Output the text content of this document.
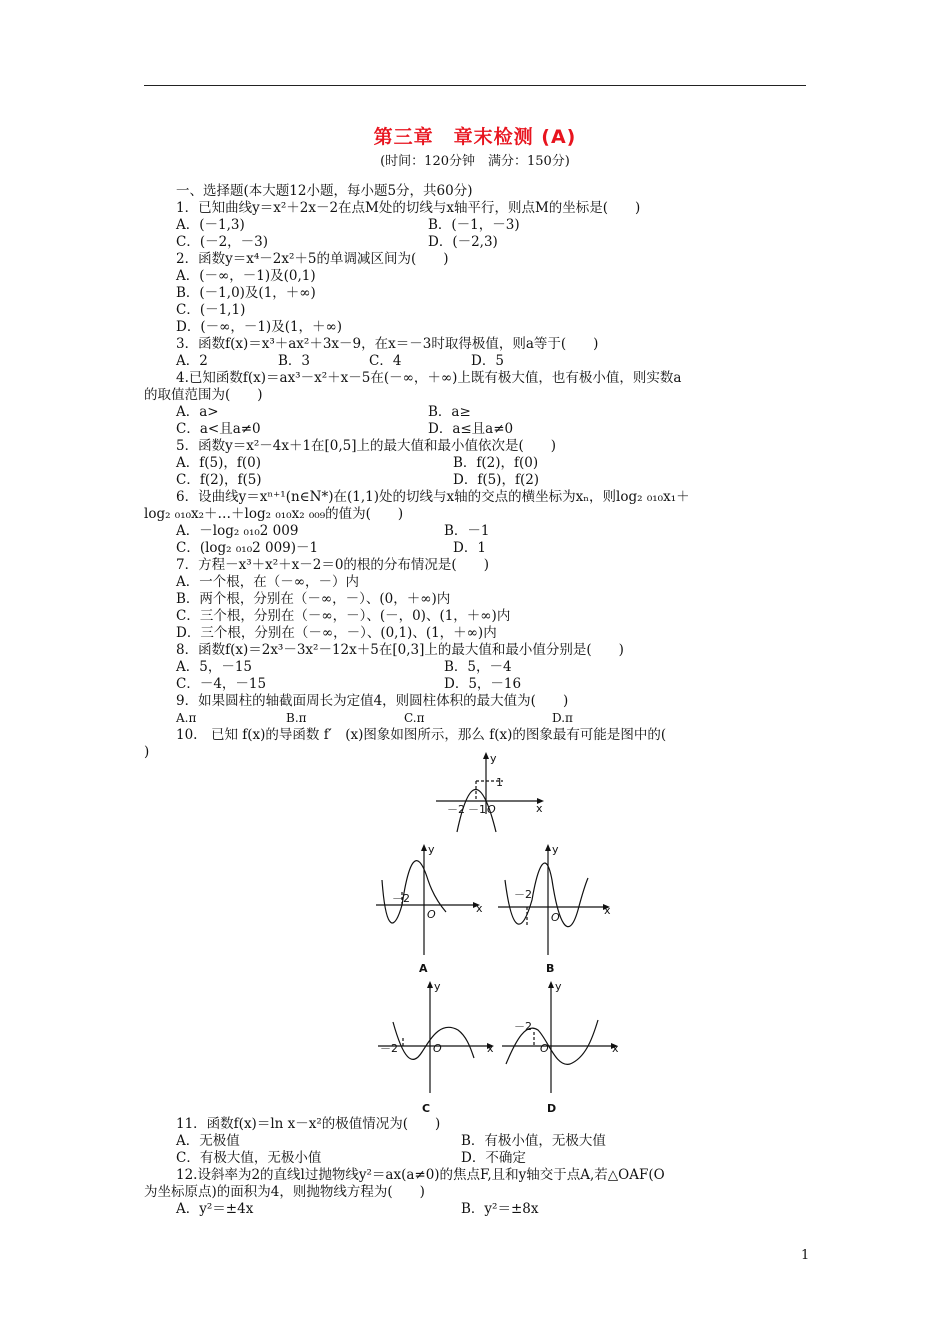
第三章　章末检测 (A)
(时间：120分钟　满分：150分)
一、选择题(本大题12小题，每小题5分，共60分)
1．已知曲线y＝x²＋2x－2在点M处的切线与x轴平行，则点M的坐标是(　　)
A．(－1,3)	B．(－1，－3)
C．(－2，－3)	D．(－2,3)
2．函数y＝x⁴－2x²＋5的单调减区间为(　　)
A．(－∞，－1)及(0,1)
B．(－1,0)及(1，＋∞)
C．(－1,1)
D．(－∞，－1)及(1，＋∞)
3．函数f(x)＝x³＋ax²＋3x－9，在x＝－3时取得极值，则a等于(　　)
A．2	B．3	C．4	D．5
4.已知函数f(x)＝ax³－x²＋x－5在(－∞，＋∞)上既有极大值，也有极小值，则实数a
的取值范围为(　　)
A．a>	B．a≥
C．a<且a≠0	D．a≤且a≠0
5．函数y＝x²－4x＋1在[0,5]上的最大值和最小值依次是(　　)
A．f(5)，f(0)	B．f(2)，f(0)
C．f(2)，f(5)	D．f(5)，f(2)
6．设曲线y＝xⁿ⁺¹(n∈N*)在(1,1)处的切线与x轴的交点的横坐标为xₙ，则log₂ ₀₁₀x₁＋
log₂ ₀₁₀x₂＋…＋log₂ ₀₁₀x₂ ₀₀₉的值为(　　)
A．－log₂ ₀₁₀2 009	B．－1
C．(log₂ ₀₁₀2 009)－1	D．1
7．方程－x³＋x²＋x－2＝0的根的分布情况是(　　)
A．一个根，在（－∞，－）内
B．两个根，分别在（－∞，－）、(0，＋∞)内
C．三个根，分别在（－∞，－）、(－，0)、(1，＋∞)内
D．三个根，分别在（－∞，－）、(0,1)、(1，＋∞)内
8．函数f(x)＝2x³－3x²－12x＋5在[0,3]上的最大值和最小值分别是(　　)
A．5，－15	B．5，－4
C．－4，－15	D．5，－16
9．如果圆柱的轴截面周长为定值4，则圆柱体积的最大值为(　　)
A.π	B.π	C.π	D.π
10.　已知 f(x)的导函数 f′　(x)图象如图所示，那么 f(x)的图象最有可能是图中的(
)	y
x
1
－2 －1 O
y
x
－2
O
A
y
x
－2
O
B
y
x
－2	O
C
y
x
－2
O
D
11．函数f(x)＝ln x－x²的极值情况为(　　)
A．无极值	B．有极小值，无极大值
C．有极大值，无极小值	D．不确定
12.设斜率为2的直线l过抛物线y²＝ax(a≠0)的焦点F,且和y轴交于点A,若△OAF(O
为坐标原点)的面积为4，则抛物线方程为(　　)
A．y²＝±4x	B．y²＝±8x
1
